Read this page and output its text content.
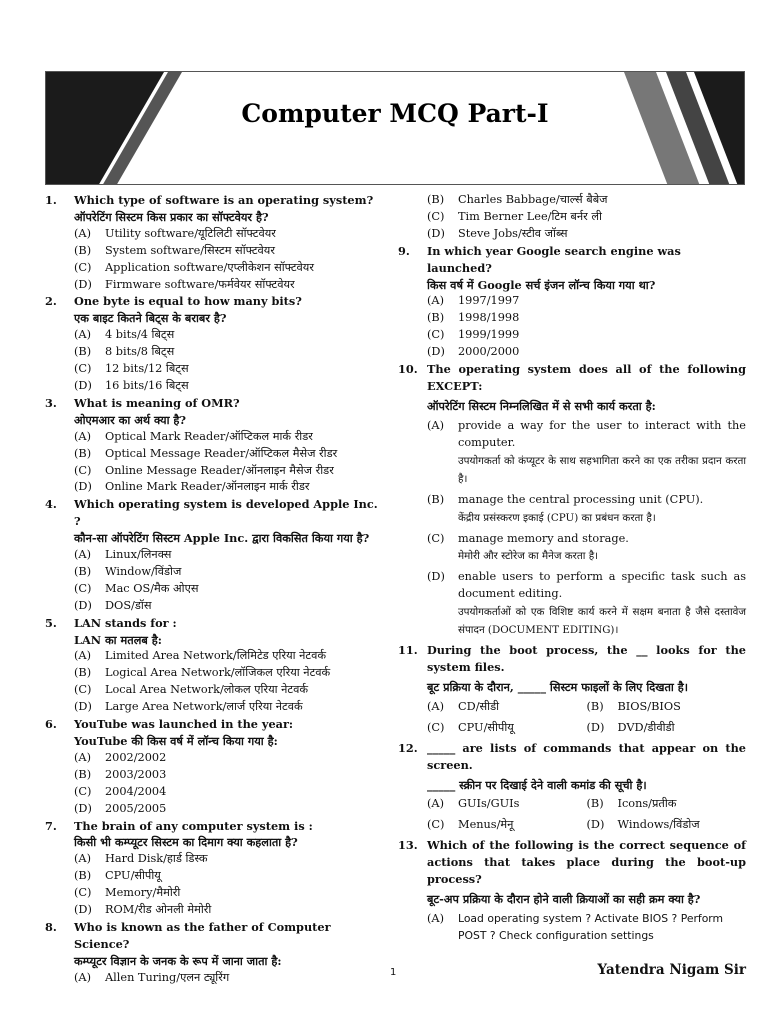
Computer MCQ Part-I
1. Which type of software is an operating system?
ऑपरेटिंग सिस्टम किस प्रकार का सॉफ्टवेयर है?
(A)	Utility software/यूटिलिटी सॉफ्टवेयर
(B)	System software/सिस्टम सॉफ्टवेयर
(C)	Application software/एप्लीकेशन सॉफ्टवेयर
(D)	Firmware software/फर्मवेयर सॉफ्टवेयर
2. One byte is equal to how many bits?
एक बाइट कितने बिट्स के बराबर है?
(A)	4 bits/4 बिट्स
(B)	8 bits/8 बिट्स
(C)	12 bits/12 बिट्स
(D)	16 bits/16 बिट्स
3. What is meaning of OMR?
ओएमआर का अर्थ क्या है?
(A)	Optical Mark Reader/ऑप्टिकल मार्क रीडर
(B)	Optical Message Reader/ऑप्टिकल मैसेज रीडर
(C)	Online Message Reader/ऑनलाइन मैसेज रीडर
(D)	Online Mark Reader/ऑनलाइन मार्क रीडर
4. Which operating system is developed Apple Inc. ?
कौन-सा ऑपरेटिंग सिस्टम Apple Inc. द्वारा विकसित किया गया है?
(A)	Linux/लिनक्स
(B)	Window/विंडोज
(C)	Mac OS/मैक ओएस
(D)	DOS/डॉस
5. LAN stands for :
LAN का मतलब है:
(A)	Limited Area Network/लिमिटेड एरिया नेटवर्क
(B)	Logical Area Network/लॉजिकल एरिया नेटवर्क
(C)	Local Area Network/लोकल एरिया नेटवर्क
(D)	Large Area Network/लार्ज एरिया नेटवर्क
6. YouTube was launched in the year:
YouTube की किस वर्ष में लॉन्च किया गया है:
(A)	2002/2002
(B)	2003/2003
(C)	2004/2004
(D)	2005/2005
7. The brain of any computer system is :
किसी भी कम्प्यूटर सिस्टम का दिमाग क्या कहलाता है?
(A)	Hard Disk/हार्ड डिस्क
(B)	CPU/सीपीयू
(C)	Memory/मैमोरी
(D)	ROM/रीड ओनली मेमोरी
8. Who is known as the father of Computer Science?
कम्प्यूटर विज्ञान के जनक के रूप में जाना जाता है:
(A)	Allen Turing/एलन ट्यूरिंग
(B)	Charles Babbage/चार्ल्स बैबेज
(C)	Tim Berner Lee/टिम बर्नर ली
(D)	Steve Jobs/स्टीव जॉब्स
9. In which year Google search engine was launched?
किस वर्ष में Google सर्च इंजन लॉन्च किया गया था?
(A)	1997/1997
(B)	1998/1998
(C)	1999/1999
(D)	2000/2000
10. The operating system does all of the following EXCEPT:
ऑपरेटिंग सिस्टम निम्नलिखित में से सभी कार्य करता है:
(A)	provide a way for the user to interact with the computer.
उपयोगकर्ता को कंप्यूटर के साथ सहभागिता करने का एक तरीका प्रदान करता है।
(B)	manage the central processing unit (CPU).
केंद्रीय प्रसंस्करण इकाई (CPU) का प्रबंधन करता है।
(C)	manage memory and storage.
मेमोरी और स्टोरेज का मैनेज करता है।
(D)	enable users to perform a specific task such as document editing.
उपयोगकर्ताओं को एक विशिष्ट कार्य करने में सक्षम बनाता है जैसे दस्तावेज संपादन (DOCUMENT EDITING)।
11. During the boot process, the __ looks for the system files.
बूट प्रक्रिया के दौरान, _____ सिस्टम फाइलों के लिए दिखता है।
(A)	CD/सीडी	(B)	BIOS/BIOS
(C)	CPU/सीपीयू	(D)	DVD/डीवीडी
12. _____ are lists of commands that appear on the screen.
_____ स्क्रीन पर दिखाई देने वाली कमांड की सूची है।
(A)	GUIs/GUIs	(B)	Icons/प्रतीक
(C)	Menus/मेनू	(D)	Windows/विंडोज
13. Which of the following is the correct sequence of actions that takes place during the boot-up process?
बूट-अप प्रक्रिया के दौरान होने वाली क्रियाओं का सही क्रम क्या है?
(A)	Load operating system ? Activate BIOS ? Perform POST ? Check configuration settings
1	Yatendra Nigam Sir
